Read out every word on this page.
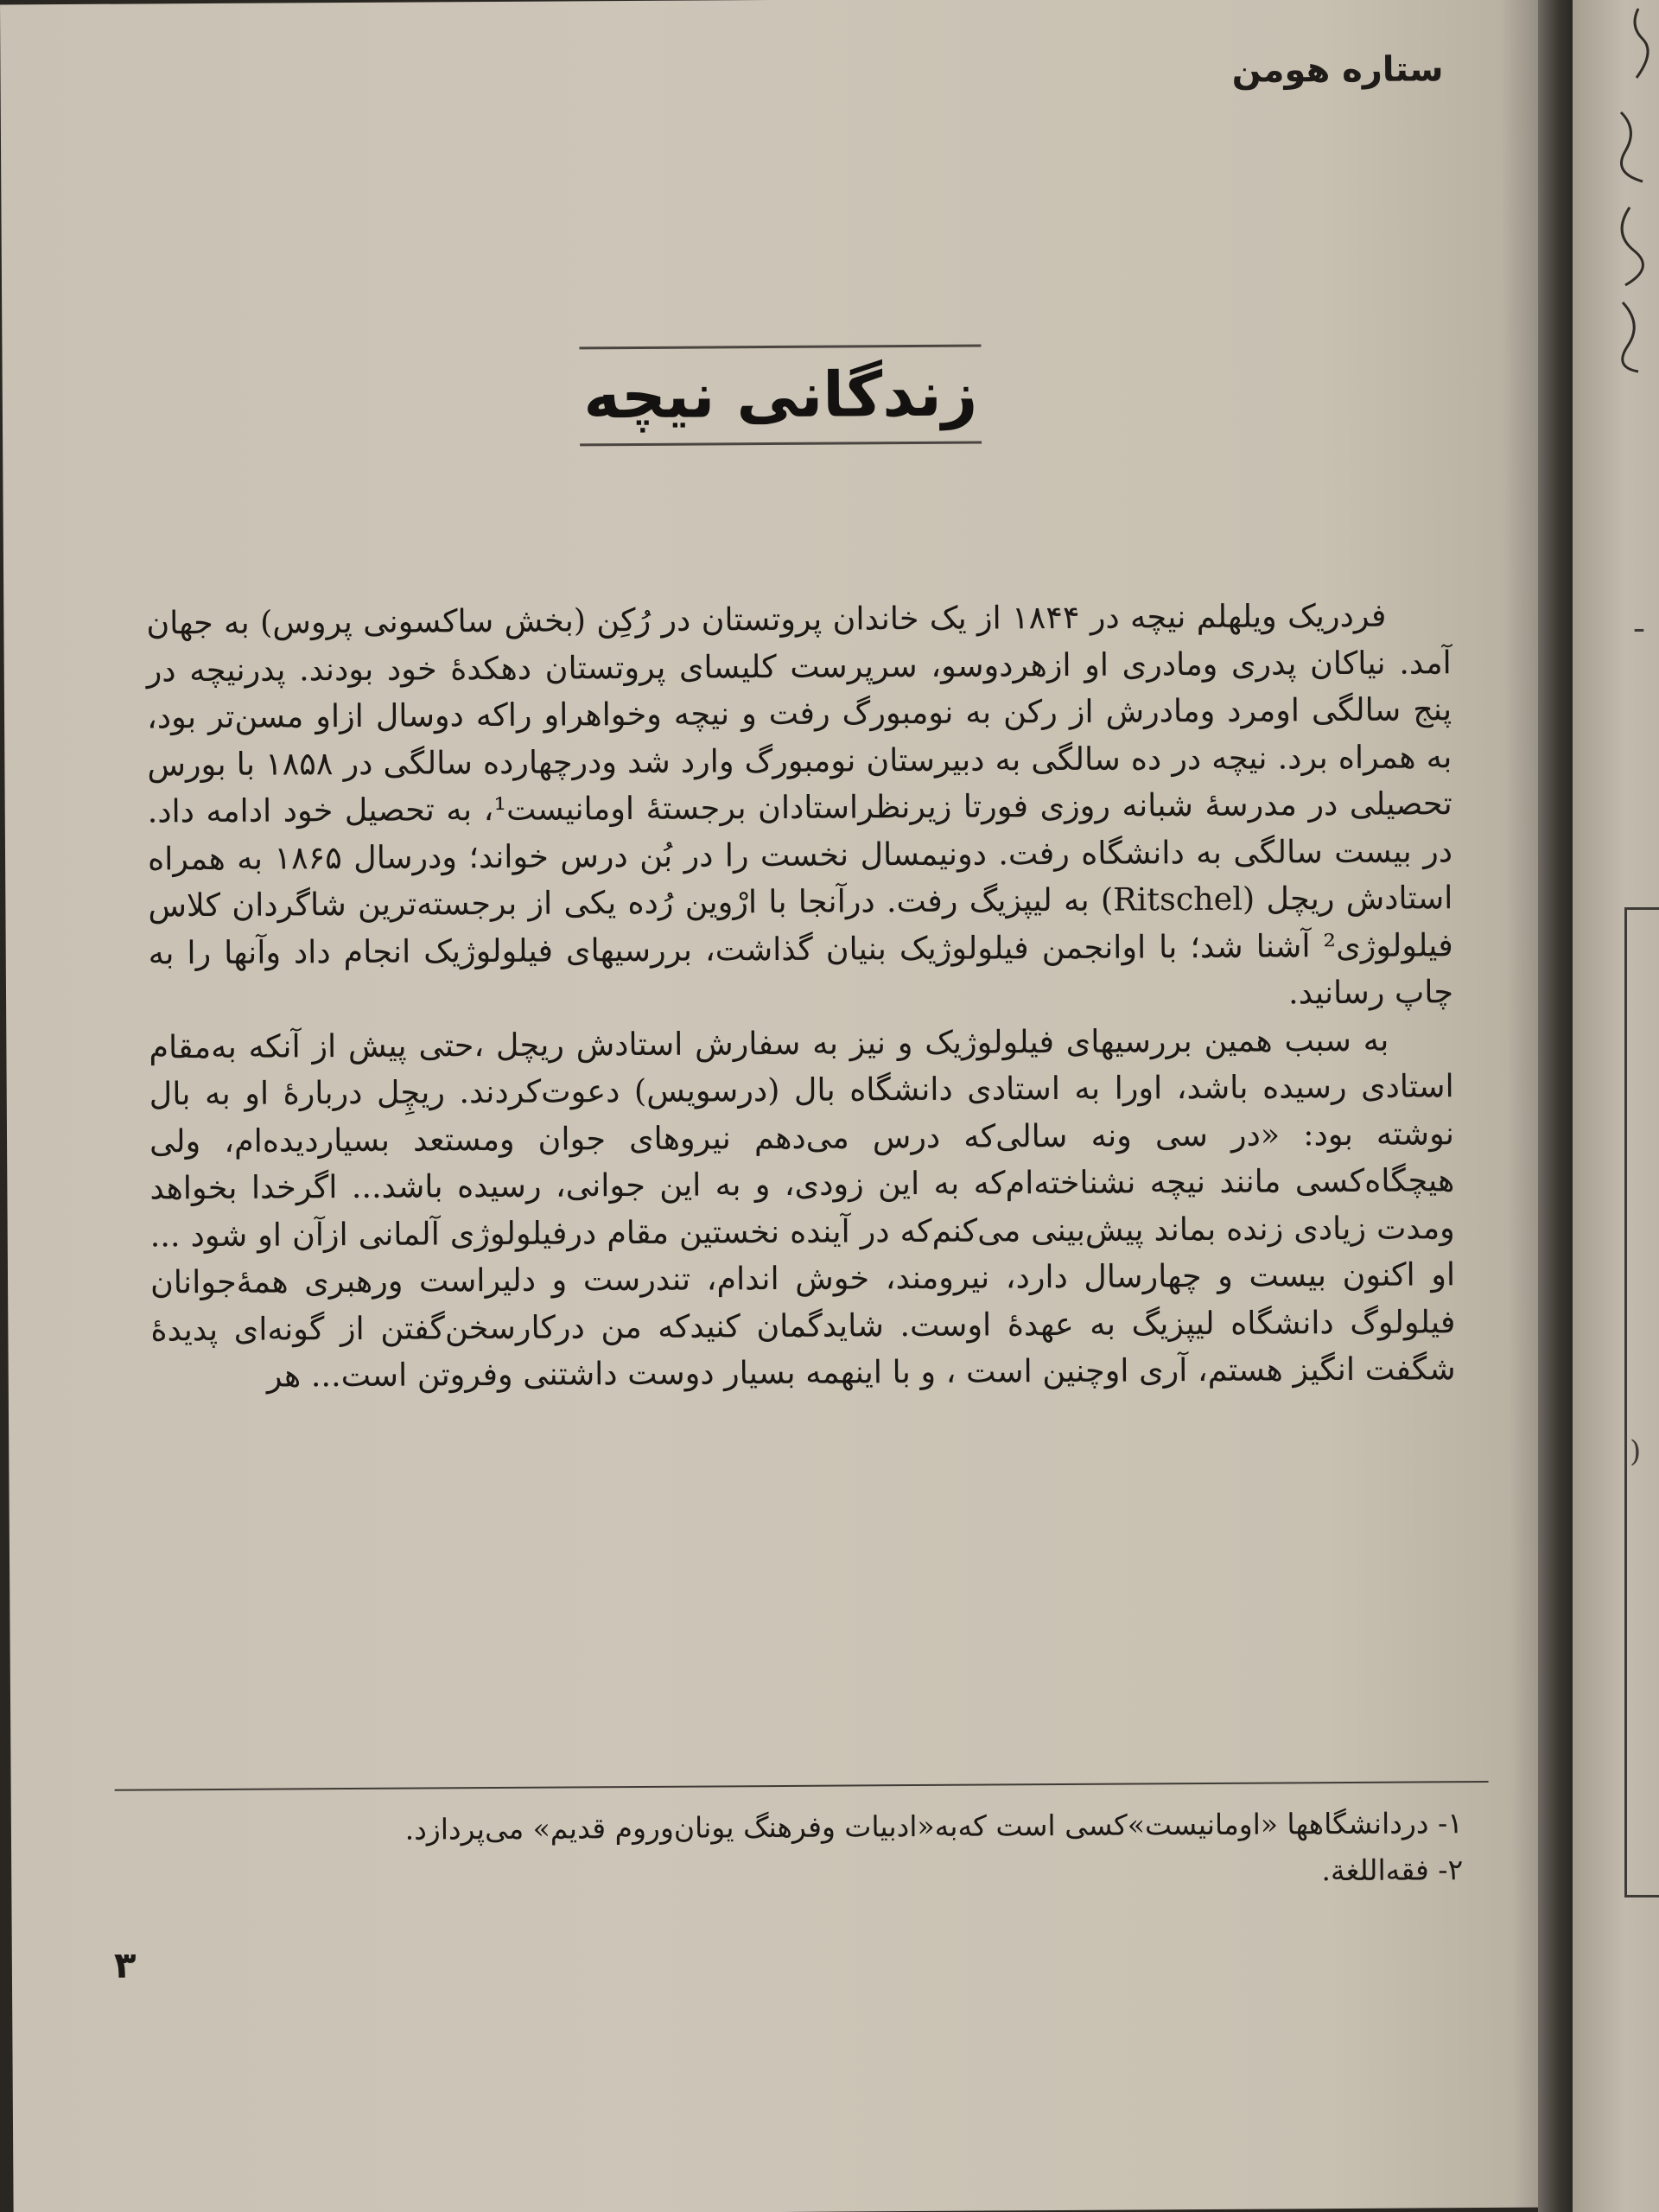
ستاره هومن
زندگانی نیچه

فردریک ویلهلم نیچه در ۱۸۴۴ از یک خاندان پروتستان در رُکِن (بخش ساکسونی پروس) به جهان آمد. نیاکان پدری ومادری او ازهردوسو، سرپرست کلیسای پروتستان دهکدهٔ خود بودند. پدرنیچه در پنج سالگی اومرد ومادرش از رکن به نومبورگ رفت و نیچه وخواهراو راکه دوسال ازاو مسن‌تر بود، به همراه برد. نیچه در ده سالگی به دبیرستان نومبورگ وارد شد ودرچهارده سالگی در ۱۸۵۸ با بورس تحصیلی در مدرسهٔ شبانه روزی فورتا زیرنظراستادان برجستهٔ اومانیست¹، به تحصیل خود ادامه داد. در بیست سالگی به دانشگاه رفت. دونیمسال نخست را در بُن درس خواند؛ ودرسال ۱۸۶۵ به همراه استادش ریچل (Ritschel) به لیپزیگ رفت. درآنجا با ارْوین رُده یکی از برجسته‌ترین شاگردان کلاس فیلولوژی² آشنا شد؛ با اوانجمن فیلولوژیک بنیان گذاشت، بررسیهای فیلولوژیک انجام داد وآنها را به چاپ رسانید.

به سبب همین بررسیهای فیلولوژیک و نیز به سفارش استادش ریچل ،حتی پیش از آنکه به‌مقام استادی رسیده باشد، اورا به استادی دانشگاه بال (درسویس) دعوت‌کردند. ریچِل دربارهٔ او به بال نوشته بود: «در سی ونه سالی‌که درس می‌دهم نیروهای جوان ومستعد بسیاردیده‌ام، ولی هیچگاه‌کسی مانند نیچه نشناخته‌ام‌که به این زودی، و به این جوانی، رسیده باشد... اگرخدا بخواهد ومدت زیادی زنده بماند پیش‌بینی می‌کنم‌که در آینده نخستین مقام درفیلولوژی آلمانی ازآن او شود ... او اکنون بیست و چهارسال دارد، نیرومند، خوش اندام، تندرست و دلیراست ورهبری همهٔ‌جوانان فیلولوگ دانشگاه لیپزیگ به عهدهٔ اوست. شاید‌گمان کنیدکه من درکارسخن‌گفتن از گونه‌ای پدیدهٔ شگفت انگیز هستم، آری اوچنین است ، و با اینهمه بسیار دوست داشتنی وفروتن است... هر

۱- دردانشگاهها «اومانیست»کسی است که‌به«ادبیات وفرهنگ یونان‌وروم قدیم» می‌پردازد.
۲- فقه‌اللغة.
۳
ـ
)
